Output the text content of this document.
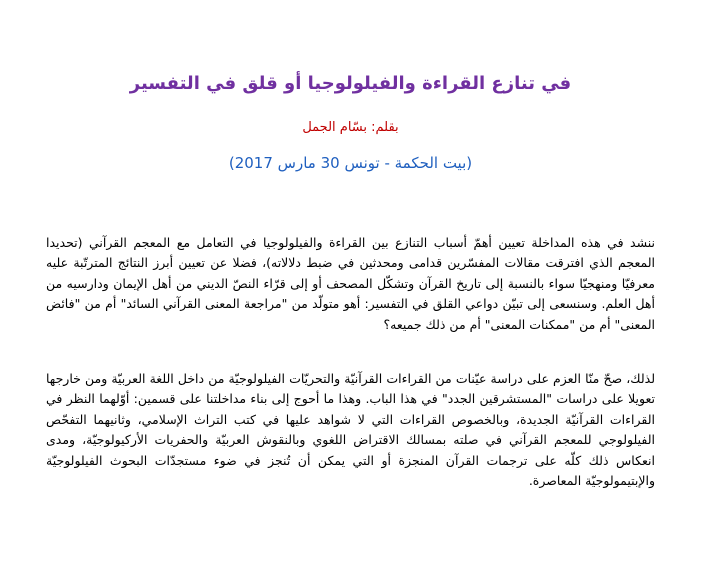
في تنازع القراءة والفيلولوجيا أو قلق في التفسير
بقلم: بسّام الجمل
(بيت الحكمة - تونس 30 مارس 2017)

ننشد في هذه المداخلة تعيين أهمّ أسباب التنازع بين القراءة والفيلولوجيا في التعامل مع المعجم القرآني (تحديدا المعجم الذي افترقت مقالات المفسّرين قدامى ومحدثين في ضبط دلالاته)، فضلا عن تعيين أبرز النتائج المترتّبة عليه معرفيّا ومنهجيّا سواء بالنسبة إلى تاريخ القرآن وتشكّل المصحف أو إلى قرّاء النصّ الديني من أهل الإيمان ودارسيه من أهل العلم. وسنسعى إلى تبيّن دواعي القلق في التفسير: أهو متولّد من "مراجعة المعنى القرآني السائد" أم من "فائض المعنى" أم من "ممكنات المعنى" أم من ذلك جميعه؟

لذلك، صحّ منّا العزم على دراسة عيّنات من القراءات القرآنيّة والتحريّات الفيلولوجيّة من داخل اللغة العربيّة ومن خارجها تعويلا على دراسات "المستشرقين الجدد" في هذا الباب. وهذا ما أحوج إلى بناء مداخلتنا على قسمين: أوّلهما النظر في القراءات القرآنيّة الجديدة، وبالخصوص القراءات التي لا شواهد عليها في كتب التراث الإسلامي، وثانيهما التفحّص الفيلولوجي للمعجم القرآني في صلته بمسالك الاقتراض اللغوي وبالنقوش العربيّة والحفريات الأركيولوجيّة، ومدى انعكاس ذلك كلّه على ترجمات القرآن المنجزة أو التي يمكن أن تُنجز في ضوء مستجدّات البحوث الفيلولوجيّة والإبتيمولوجيّة المعاصرة.
